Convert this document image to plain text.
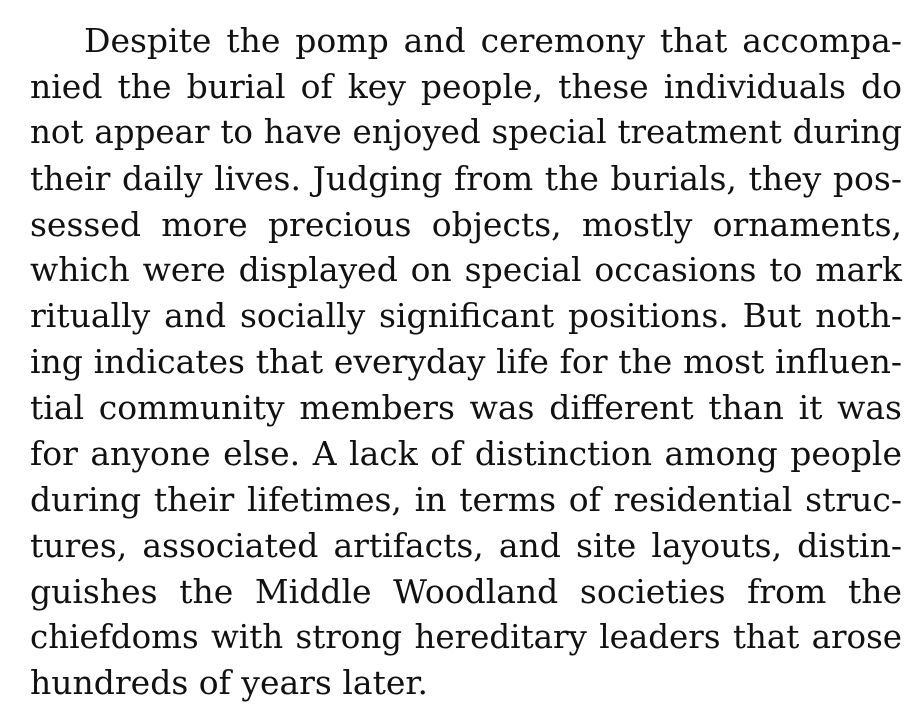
Despite the pomp and ceremony that accompa-
nied the burial of key people, these individuals do
not appear to have enjoyed special treatment during
their daily lives. Judging from the burials, they pos-
sessed more precious objects, mostly ornaments,
which were displayed on special occasions to mark
ritually and socially significant positions. But noth-
ing indicates that everyday life for the most influen-
tial community members was different than it was
for anyone else. A lack of distinction among people
during their lifetimes, in terms of residential struc-
tures, associated artifacts, and site layouts, distin-
guishes the Middle Woodland societies from the
chiefdoms with strong hereditary leaders that arose
hundreds of years later.
